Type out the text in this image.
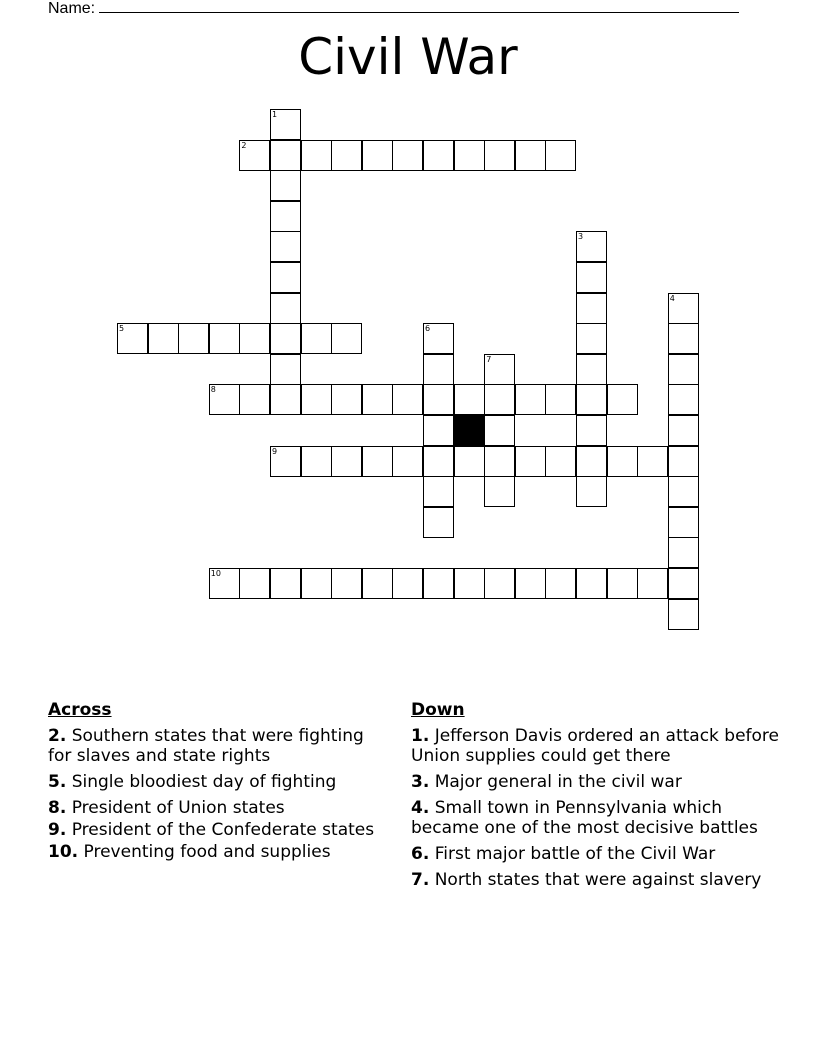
Name:
Civil War
1
2
3
4
5	6
7
8
9
10
Across
2. Southern states that were fighting for slaves and state rights
5. Single bloodiest day of fighting
8. President of Union states
9. President of the Confederate states
10. Preventing food and supplies
Down
1. Jefferson Davis ordered an attack before Union supplies could get there
3. Major general in the civil war
4. Small town in Pennsylvania which became one of the most decisive battles
6. First major battle of the Civil War
7. North states that were against slavery
